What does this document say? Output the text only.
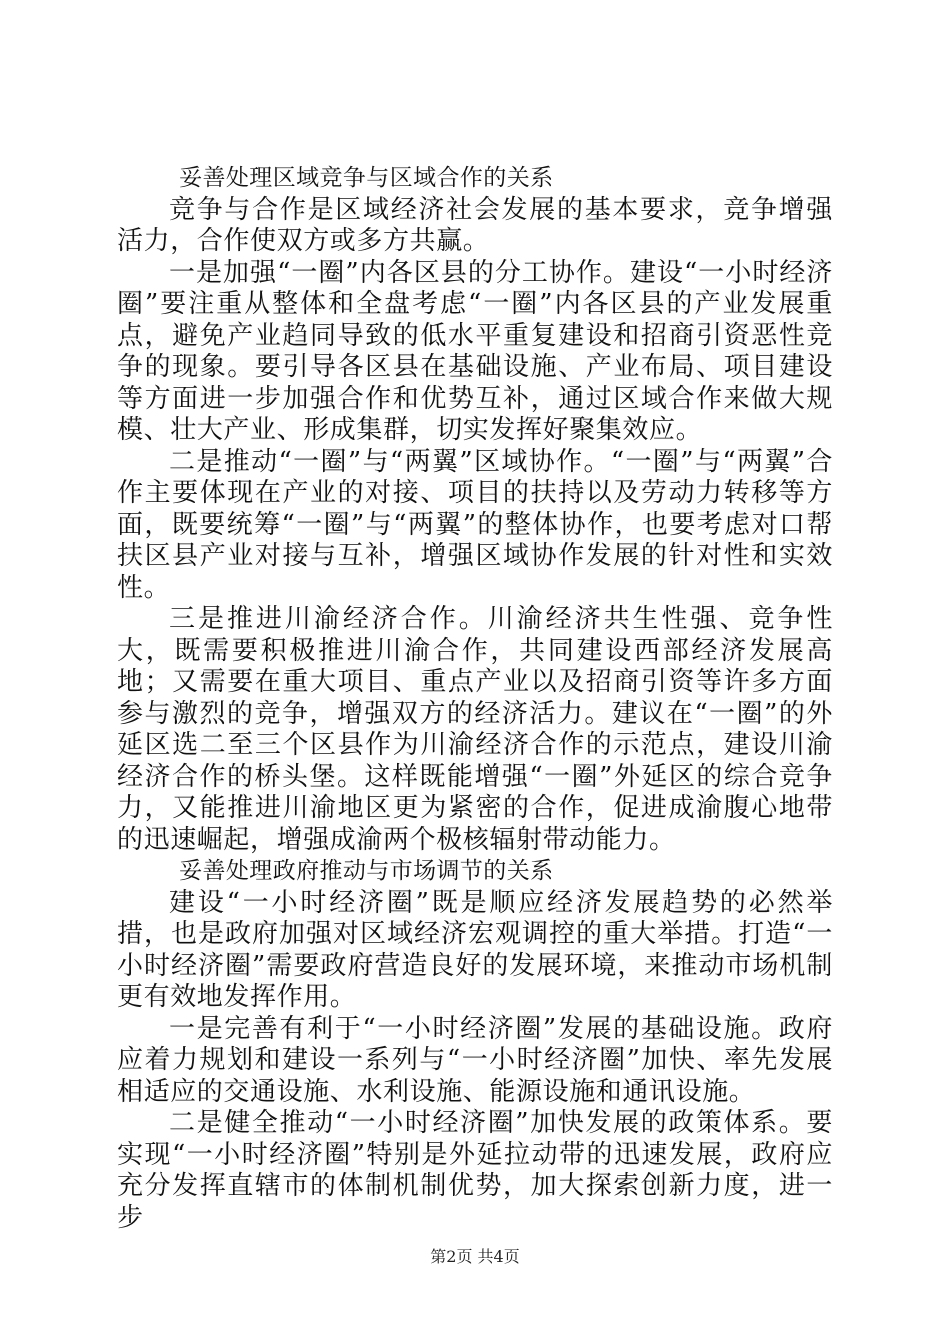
妥善处理区域竞争与区域合作的关系

竞争与合作是区域经济社会发展的基本要求，竞争增强活力，合作使双方或多方共赢。

一是加强“一圈”内各区县的分工协作。建设“一小时经济圈”要注重从整体和全盘考虑“一圈”内各区县的产业发展重点，避免产业趋同导致的低水平重复建设和招商引资恶性竞争的现象。要引导各区县在基础设施、产业布局、项目建设等方面进一步加强合作和优势互补，通过区域合作来做大规模、壮大产业、形成集群，切实发挥好聚集效应。

二是推动“一圈”与“两翼”区域协作。“一圈”与“两翼”合作主要体现在产业的对接、项目的扶持以及劳动力转移等方面，既要统筹“一圈”与“两翼”的整体协作，也要考虑对口帮扶区县产业对接与互补，增强区域协作发展的针对性和实效性。

三是推进川渝经济合作。川渝经济共生性强、竞争性大，既需要积极推进川渝合作，共同建设西部经济发展高地；又需要在重大项目、重点产业以及招商引资等许多方面参与激烈的竞争，增强双方的经济活力。建议在“一圈”的外延区选二至三个区县作为川渝经济合作的示范点，建设川渝经济合作的桥头堡。这样既能增强“一圈”外延区的综合竞争力，又能推进川渝地区更为紧密的合作，促进成渝腹心地带的迅速崛起，增强成渝两个极核辐射带动能力。

妥善处理政府推动与市场调节的关系

建设“一小时经济圈”既是顺应经济发展趋势的必然举措，也是政府加强对区域经济宏观调控的重大举措。打造“一小时经济圈”需要政府营造良好的发展环境，来推动市场机制更有效地发挥作用。

一是完善有利于“一小时经济圈”发展的基础设施。政府应着力规划和建设一系列与“一小时经济圈”加快、率先发展相适应的交通设施、水利设施、能源设施和通讯设施。

二是健全推动“一小时经济圈”加快发展的政策体系。要实现“一小时经济圈”特别是外延拉动带的迅速发展，政府应充分发挥直辖市的体制机制优势，加大探索创新力度，进一步

第2页 共4页
